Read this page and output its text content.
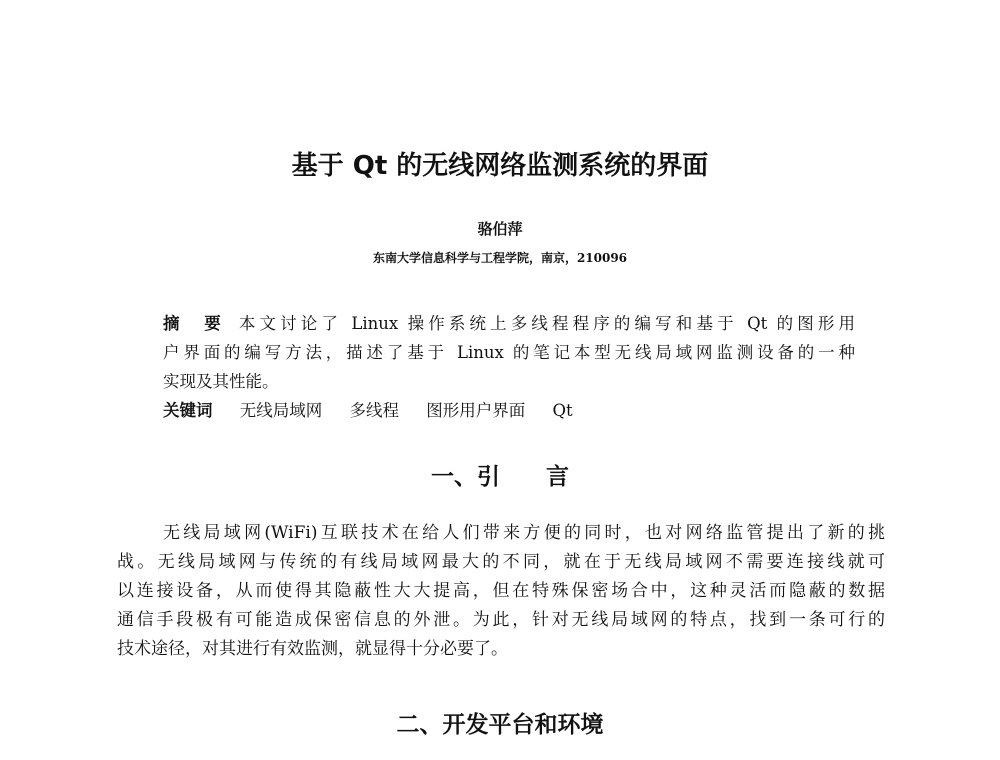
基于 Qt 的无线网络监测系统的界面
骆伯萍
东南大学信息科学与工程学院，南京，210096
摘　要 本文讨论了 Linux 操作系统上多线程程序的编写和基于 Qt 的图形用
户界面的编写方法，描述了基于 Linux 的笔记本型无线局域网监测设备的一种
实现及其性能。
关键词 无线局域网 多线程 图形用户界面 Qt
一、引　　言
无线局域网(WiFi)互联技术在给人们带来方便的同时，也对网络监管提出了新的挑
战。无线局域网与传统的有线局域网最大的不同，就在于无线局域网不需要连接线就可
以连接设备，从而使得其隐蔽性大大提高，但在特殊保密场合中，这种灵活而隐蔽的数据
通信手段极有可能造成保密信息的外泄。为此，针对无线局域网的特点，找到一条可行的
技术途径，对其进行有效监测，就显得十分必要了。
二、开发平台和环境
